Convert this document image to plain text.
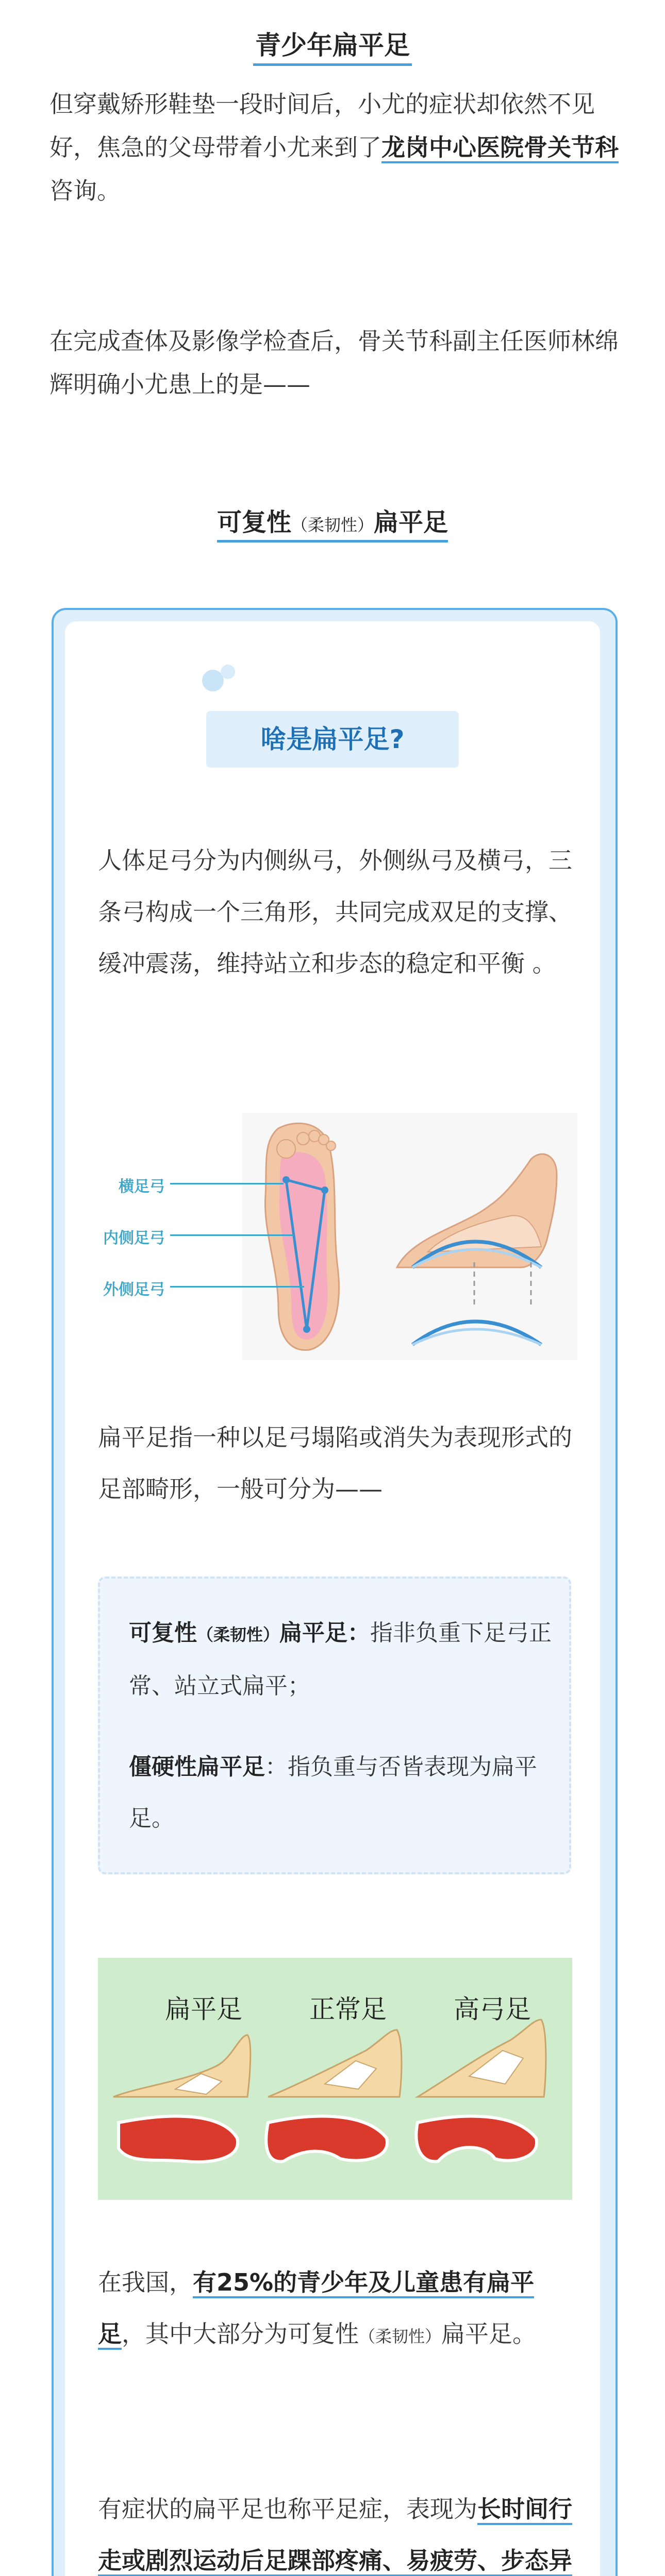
青少年扁平足

但穿戴矫形鞋垫一段时间后，小尤的症状却依然不见好，焦急的父母带着小尤来到了龙岗中心医院骨关节科咨询。

在完成查体及影像学检查后，骨关节科副主任医师林绵辉明确小尤患上的是——

可复性（柔韧性）扁平足
啥是扁平足?

人体足弓分为内侧纵弓，外侧纵弓及横弓，三条弓构成一个三角形，共同完成双足的支撑、缓冲震荡，维持站立和步态的稳定和平衡 。

横足弓
内侧足弓
外侧足弓

扁平足指一种以足弓塌陷或消失为表现形式的足部畸形，一般可分为——

可复性（柔韧性）扁平足：指非负重下足弓正常、站立式扁平；

僵硬性扁平足：指负重与否皆表现为扁平足。

扁平足	正常足	高弓足

在我国，有25%的青少年及儿童患有扁平足，其中大部分为可复性（柔韧性）扁平足。

有症状的扁平足也称平足症，表现为长时间行走或剧烈运动后足踝部疼痛、易疲劳、步态异
